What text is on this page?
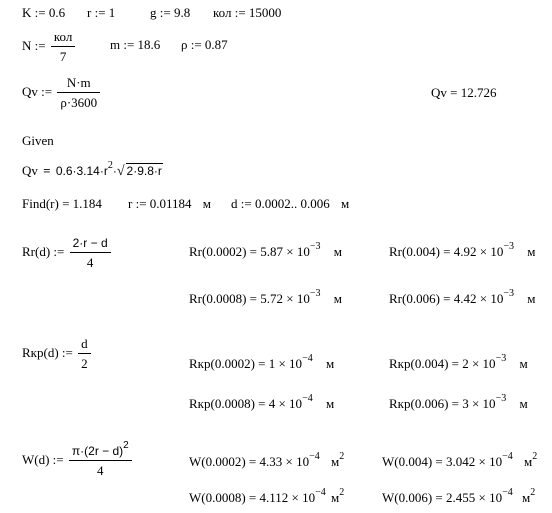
K := 0.6 r := 1	g := 9.8 кол := 15000
N := $\frac{\text{кол}}{7}$	m := 18.6 ρ := 0.87
Qv := $\frac{N\cdot m}{\rho\cdot 3600}$	Qv = 12.726
Given
$Qv = 0.6\cdot 3.14\cdot r^2\cdot√$ 2·9.8·r
Find(r) = 1.184 r := 0.01184 м d := 0.0002.. 0.006 м
Rr(d) := $\frac{2\cdot r - d}{4}$	$Rr(0.0002) = 5.87 \times 10^{-3}$ м	$Rr(0.004) = 4.92 \times 10^{-3}$ м
$Rr(0.0008) = 5.72 \times 10^{-3}$ м	$Rr(0.006) = 4.42 \times 10^{-3}$ м
Rкр(d) := $\frac{d}{2}$	$Rкр(0.0002) = 1 \times 10^{-4}$ м	$Rкр(0.004) = 2 \times 10^{-3}$ м
$Rкр(0.0008) = 4 \times 10^{-4}$ м	$Rкр(0.006) = 3 \times 10^{-3}$ м
W(d) := $\frac{\pi\cdot(2r - d)^2}{4}$	$W(0.0002) = 4.33 \times 10^{-4}$ $м^2$	$W(0.004) = 3.042 \times 10^{-4}$ $м^2$
$W(0.0008) = 4.112 \times 10^{-4}$ $м^2$	$W(0.006) = 2.455 \times 10^{-4}$ $м^2$
